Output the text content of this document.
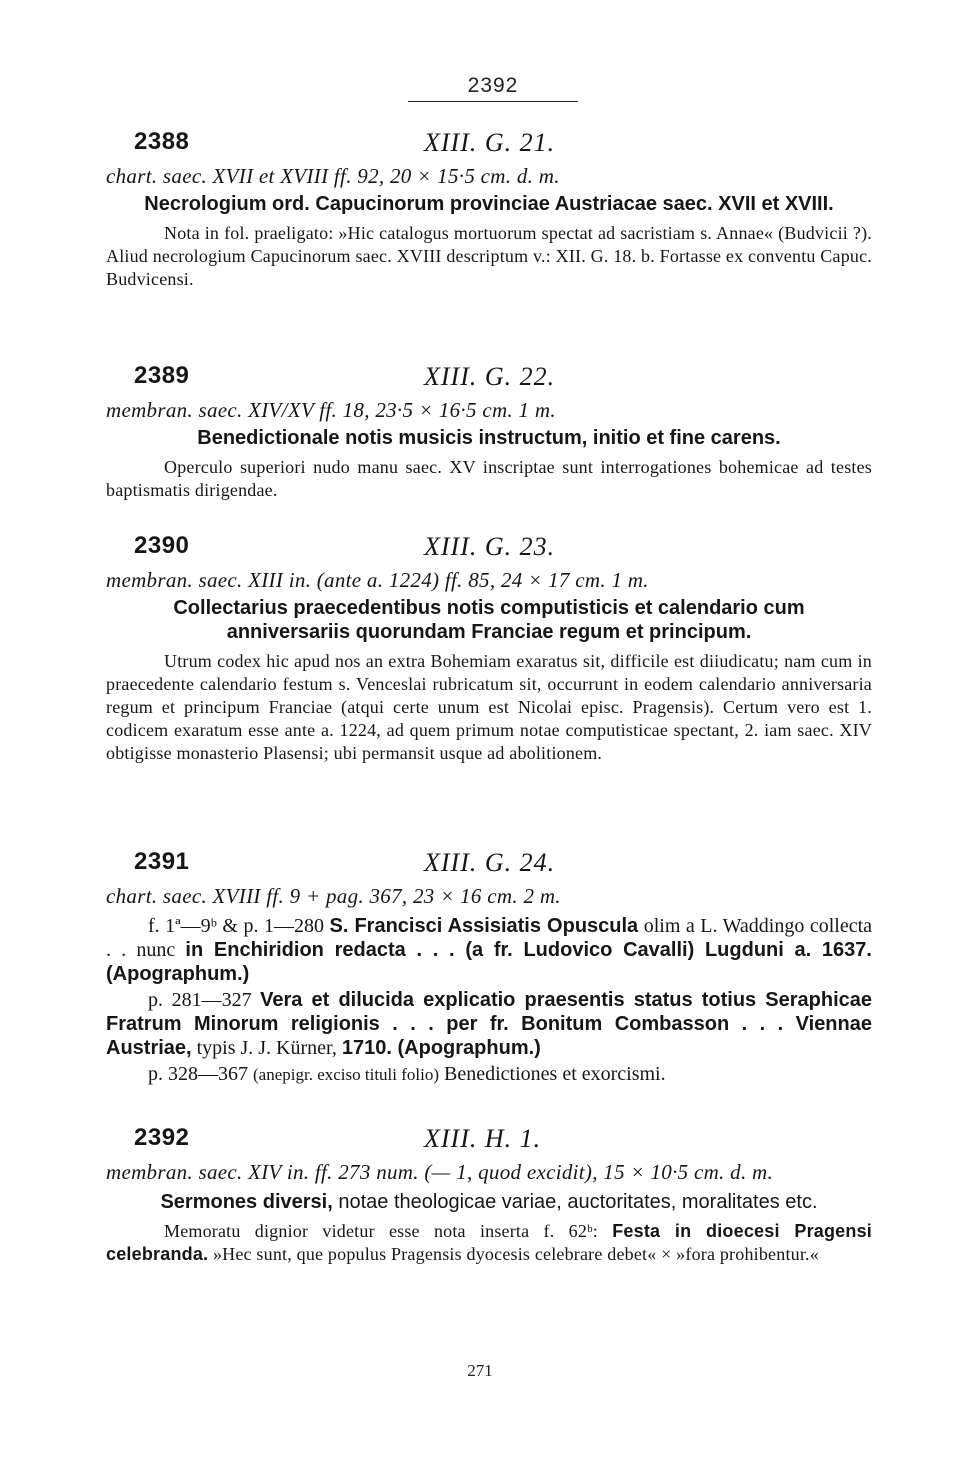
2392
2388	XIII. G. 21.
chart. saec. XVII et XVIII ff. 92, 20 × 15·5 cm. d. m.
Necrologium ord. Capucinorum provinciae Austriacae saec. XVII et XVIII.
Nota in fol. praeligato: »Hic catalogus mortuorum spectat ad sacristiam s. Annae« (Budvicii ?). Aliud necrologium Capucinorum saec. XVIII descriptum v.: XII. G. 18. b. Fortasse ex conventu Capuc. Budvicensi.
2389	XIII. G. 22.
membran. saec. XIV/XV ff. 18, 23·5 × 16·5 cm. 1 m.
Benedictionale notis musicis instructum, initio et fine carens.
Operculo superiori nudo manu saec. XV inscriptae sunt interrogationes bohemicae ad testes baptismatis dirigendae.
2390	XIII. G. 23.
membran. saec. XIII in. (ante a. 1224) ff. 85, 24 × 17 cm. 1 m.
Collectarius praecedentibus notis computisticis et calendario cum anniversariis quorundam Franciae regum et principum.
Utrum codex hic apud nos an extra Bohemiam exaratus sit, difficile est diiudicatu; nam cum in praecedente calendario festum s. Venceslai rubricatum sit, occurrunt in eodem calendario anniversaria regum et principum Franciae (atqui certe unum est Nicolai episc. Pragensis). Certum vero est 1. codicem exaratum esse ante a. 1224, ad quem primum notae computisticae spectant, 2. iam saec. XIV obtigisse monasterio Plasensi; ubi permansit usque ad abolitionem.
2391	XIII. G. 24.
chart. saec. XVIII ff. 9 + pag. 367, 23 × 16 cm. 2 m.
f. 1ª—9ᵇ & p. 1—280 S. Francisci Assisiatis Opuscula olim a L. Waddingo collecta . . nunc in Enchiridion redacta . . . (a fr. Ludovico Cavalli) Lugduni a. 1637. (Apographum.)
p. 281—327 Vera et dilucida explicatio praesentis status totius Seraphicae Fratrum Minorum religionis . . . per fr. Bonitum Combasson . . . Viennae Austriae, typis J. J. Kürner, 1710. (Apographum.)
p. 328—367 (anepigr. exciso tituli folio) Benedictiones et exorcismi.
2392	XIII. H. 1.
membran. saec. XIV in. ff. 273 num. (— 1, quod excidit), 15 × 10·5 cm. d. m.
Sermones diversi, notae theologicae variae, auctoritates, moralitates etc.
Memoratu dignior videtur esse nota inserta f. 62ᵇ: Festa in dioecesi Pragensi celebranda. »Hec sunt, que populus Pragensis dyocesis celebrare debet« × »fora prohibentur.«
271
